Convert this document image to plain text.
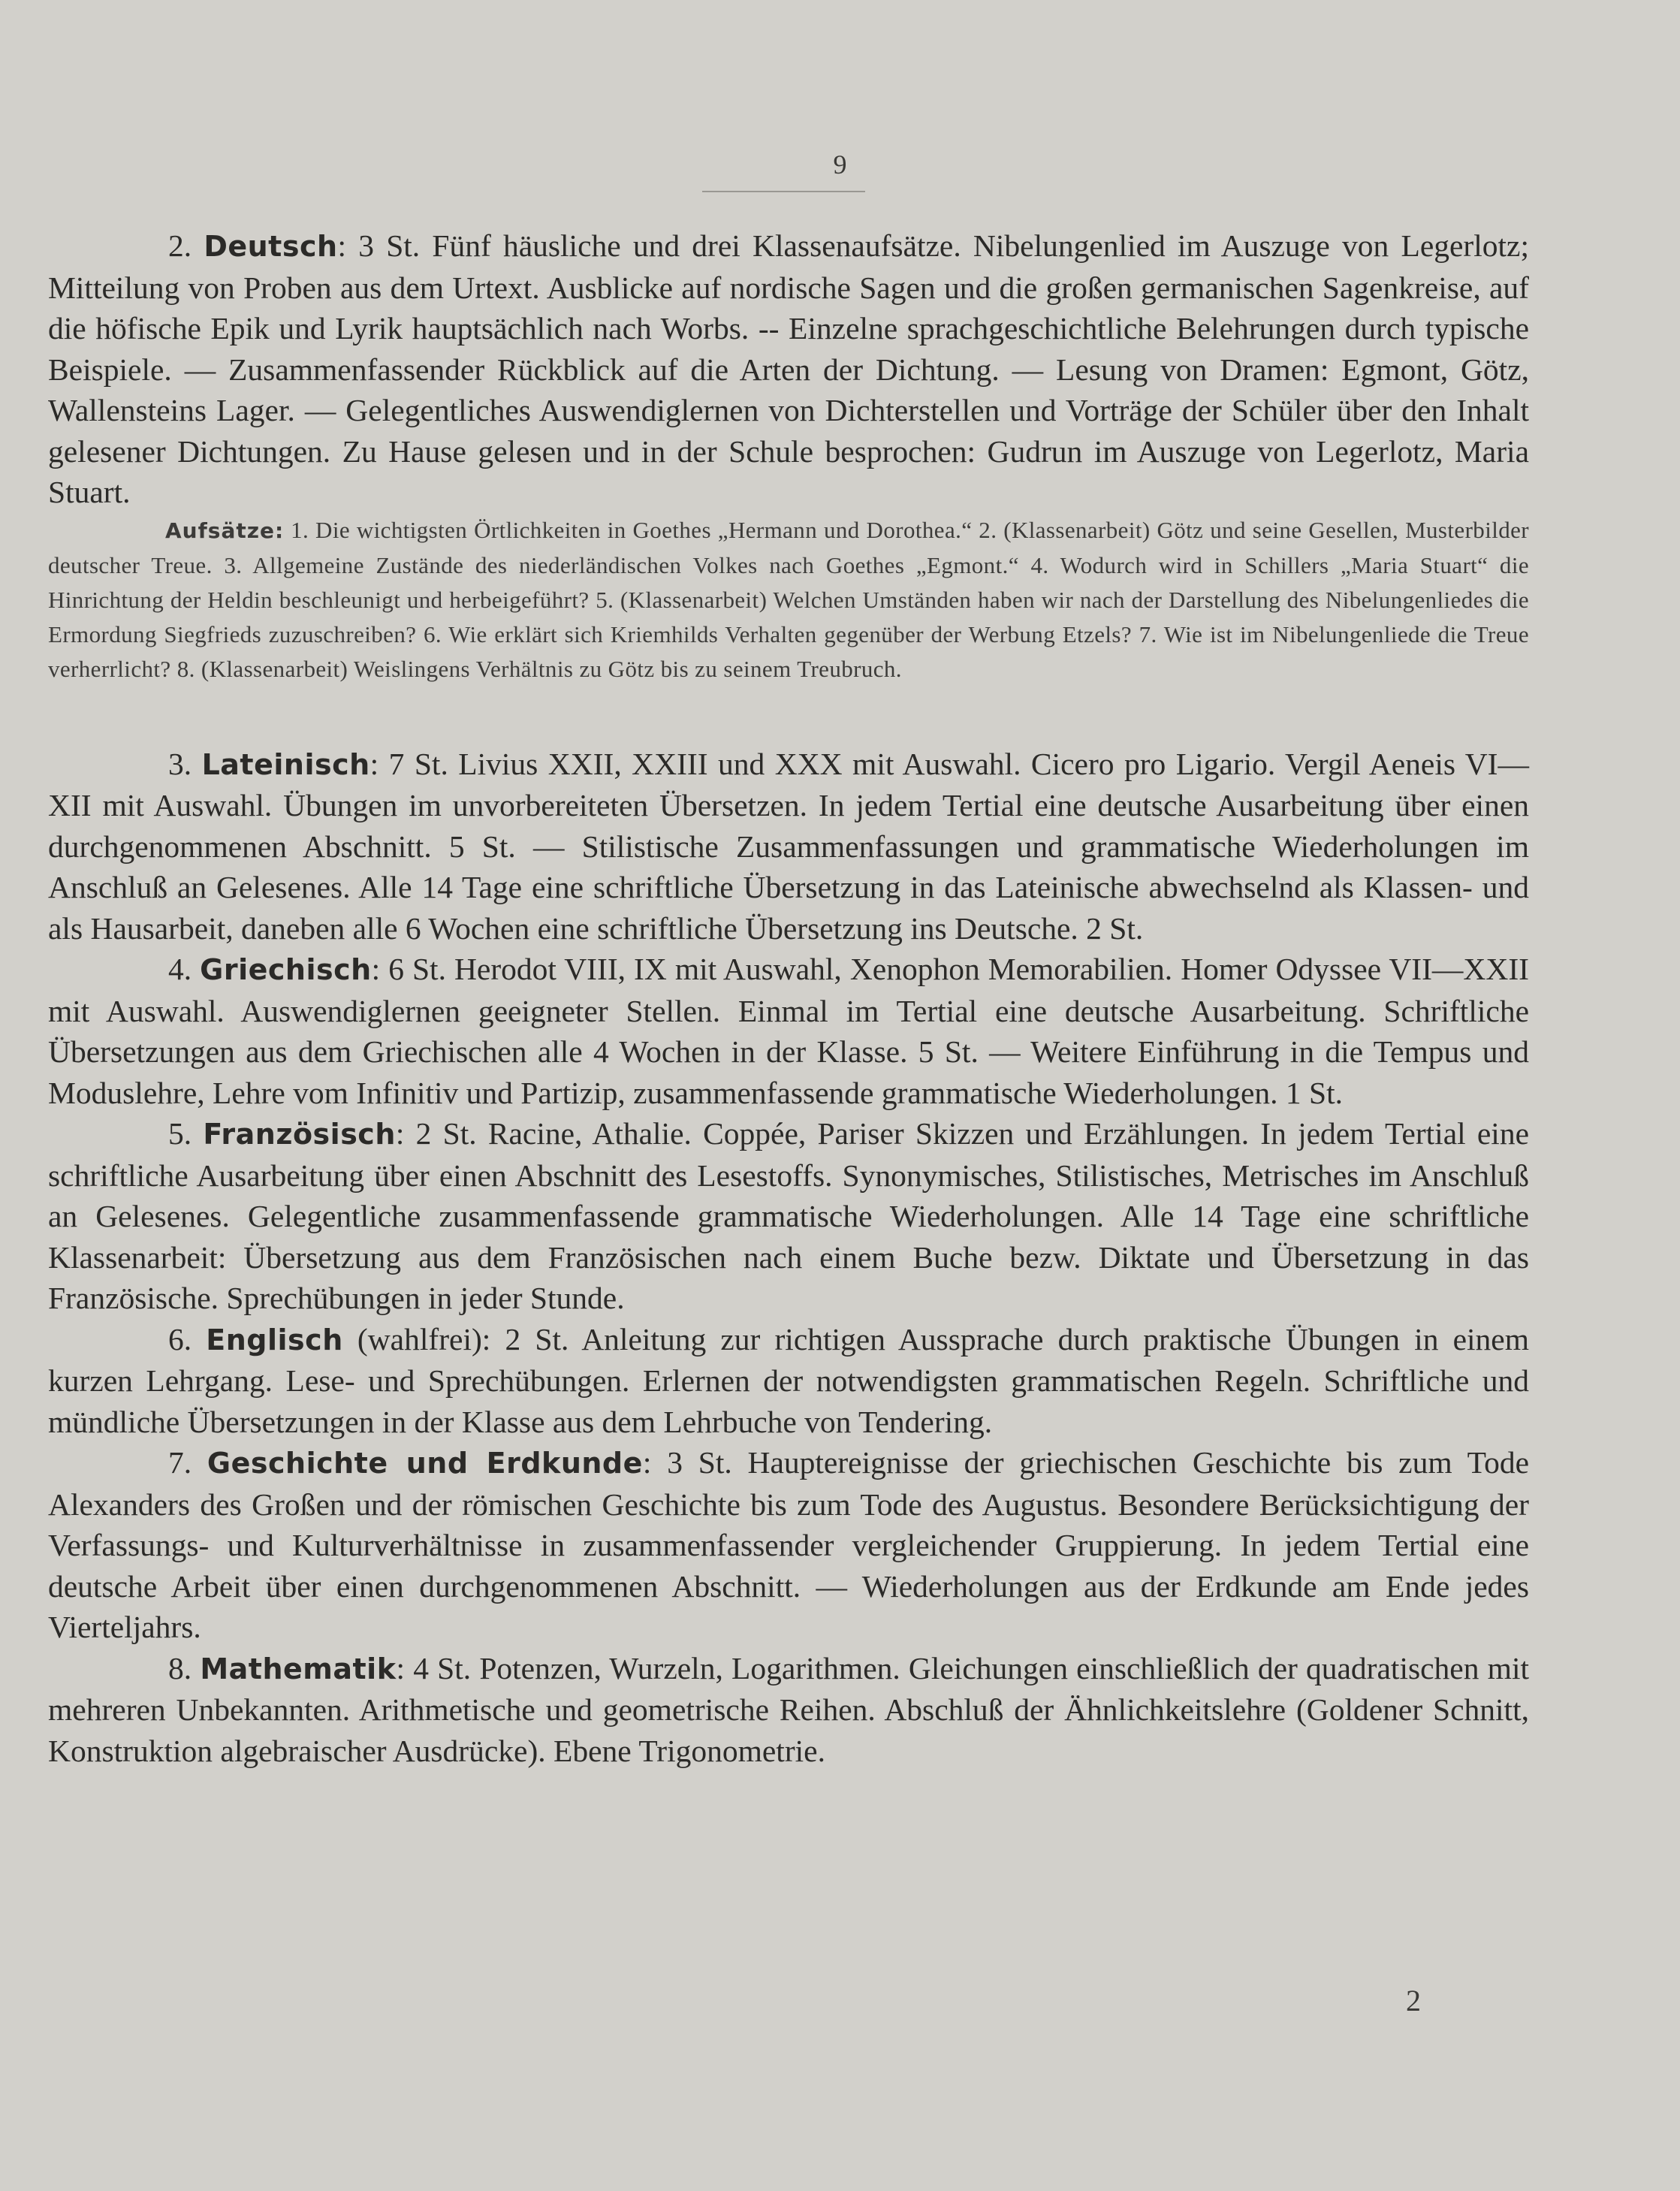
9

2. Deutsch: 3 St. Fünf häusliche und drei Klassenaufsätze. Nibelungenlied im Auszuge von Legerlotz; Mitteilung von Proben aus dem Urtext. Ausblicke auf nordische Sagen und die großen germanischen Sagenkreise, auf die höfische Epik und Lyrik hauptsächlich nach Worbs. -- Einzelne sprachgeschichtliche Belehrungen durch typische Beispiele. — Zusammenfassender Rückblick auf die Arten der Dichtung. — Lesung von Dramen: Egmont, Götz, Wallensteins Lager. — Gelegentliches Auswendiglernen von Dichterstellen und Vorträge der Schüler über den Inhalt gelesener Dichtungen. Zu Hause gelesen und in der Schule besprochen: Gudrun im Auszuge von Legerlotz, Maria Stuart.

Aufsätze: 1. Die wichtigsten Örtlichkeiten in Goethes „Hermann und Dorothea.“ 2. (Klassenarbeit) Götz und seine Gesellen, Musterbilder deutscher Treue. 3. Allgemeine Zustände des niederländischen Volkes nach Goethes „Egmont.“ 4. Wodurch wird in Schillers „Maria Stuart“ die Hinrichtung der Heldin beschleunigt und herbeigeführt? 5. (Klassenarbeit) Welchen Umständen haben wir nach der Darstellung des Nibelungenliedes die Ermordung Siegfrieds zuzuschreiben? 6. Wie erklärt sich Kriemhilds Verhalten gegenüber der Werbung Etzels? 7. Wie ist im Nibelungenliede die Treue verherrlicht? 8. (Klassenarbeit) Weislingens Verhältnis zu Götz bis zu seinem Treubruch.

3. Lateinisch: 7 St. Livius XXII, XXIII und XXX mit Auswahl. Cicero pro Ligario. Vergil Aeneis VI—XII mit Auswahl. Übungen im unvorbereiteten Übersetzen. In jedem Tertial eine deutsche Ausarbeitung über einen durchgenommenen Abschnitt. 5 St. — Stilistische Zusammenfassungen und grammatische Wiederholungen im Anschluß an Gelesenes. Alle 14 Tage eine schriftliche Übersetzung in das Lateinische abwechselnd als Klassen- und als Hausarbeit, daneben alle 6 Wochen eine schriftliche Übersetzung ins Deutsche. 2 St.

4. Griechisch: 6 St. Herodot VIII, IX mit Auswahl, Xenophon Memorabilien. Homer Odyssee VII—XXII mit Auswahl. Auswendiglernen geeigneter Stellen. Einmal im Tertial eine deutsche Ausarbeitung. Schriftliche Übersetzungen aus dem Griechischen alle 4 Wochen in der Klasse. 5 St. — Weitere Einführung in die Tempus und Moduslehre, Lehre vom Infinitiv und Partizip, zusammenfassende grammatische Wiederholungen. 1 St.

5. Französisch: 2 St. Racine, Athalie. Coppée, Pariser Skizzen und Erzählungen. In jedem Tertial eine schriftliche Ausarbeitung über einen Abschnitt des Lesestoffs. Synonymisches, Stilistisches, Metrisches im Anschluß an Gelesenes. Gelegentliche zusammenfassende grammatische Wiederholungen. Alle 14 Tage eine schriftliche Klassenarbeit: Übersetzung aus dem Französischen nach einem Buche bezw. Diktate und Übersetzung in das Französische. Sprechübungen in jeder Stunde.

6. Englisch (wahlfrei): 2 St. Anleitung zur richtigen Aussprache durch praktische Übungen in einem kurzen Lehrgang. Lese- und Sprechübungen. Erlernen der notwendigsten grammatischen Regeln. Schriftliche und mündliche Übersetzungen in der Klasse aus dem Lehrbuche von Tendering.

7. Geschichte und Erdkunde: 3 St. Hauptereignisse der griechischen Geschichte bis zum Tode Alexanders des Großen und der römischen Geschichte bis zum Tode des Augustus. Besondere Berücksichtigung der Verfassungs- und Kulturverhältnisse in zusammenfassender vergleichender Gruppierung. In jedem Tertial eine deutsche Arbeit über einen durchgenommenen Abschnitt. — Wiederholungen aus der Erdkunde am Ende jedes Vierteljahrs.

8. Mathematik: 4 St. Potenzen, Wurzeln, Logarithmen. Gleichungen einschließlich der quadratischen mit mehreren Unbekannten. Arithmetische und geometrische Reihen. Abschluß der Ähnlichkeitslehre (Goldener Schnitt, Konstruktion algebraischer Ausdrücke). Ebene Trigonometrie.

2
